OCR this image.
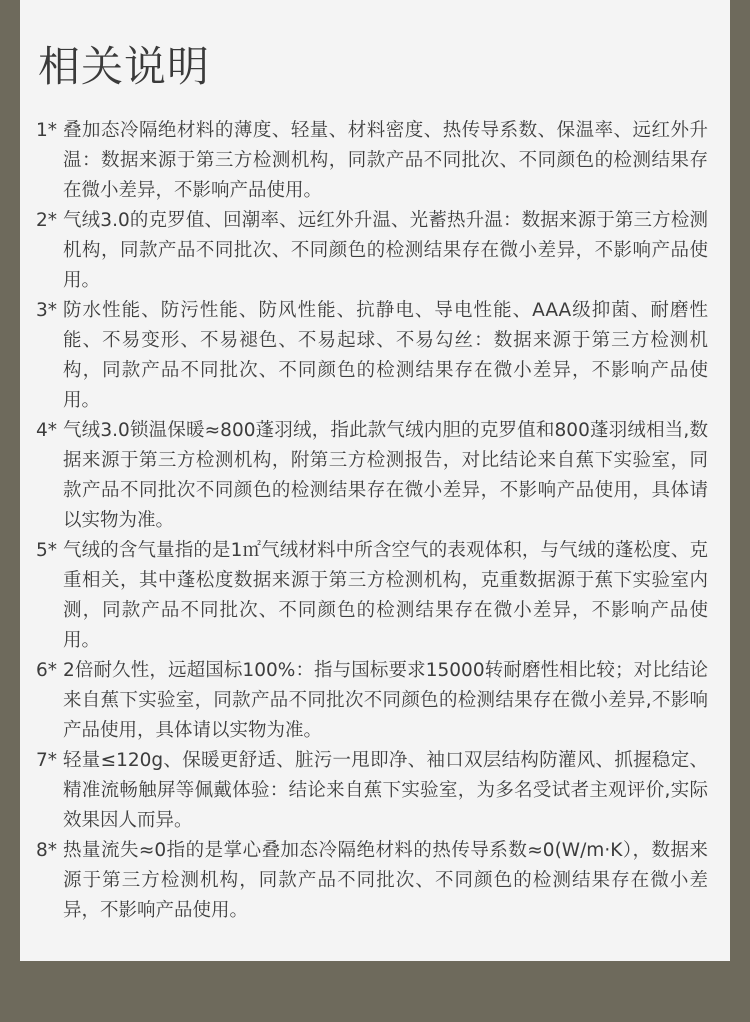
相关说明
1* 叠加态冷隔绝材料的薄度、轻量、材料密度、热传导系数、保温率、远红外升温：数据来源于第三方检测机构，同款产品不同批次、不同颜色的检测结果存在微小差异，不影响产品使用。
2* 气绒3.0的克罗值、回潮率、远红外升温、光蓄热升温：数据来源于第三方检测机构，同款产品不同批次、不同颜色的检测结果存在微小差异，不影响产品使用。
3* 防水性能、防污性能、防风性能、抗静电、导电性能、AAA级抑菌、耐磨性能、不易变形、不易褪色、不易起球、不易勾丝：数据来源于第三方检测机构，同款产品不同批次、不同颜色的检测结果存在微小差异，不影响产品使用。
4* 气绒3.0锁温保暖≈800蓬羽绒，指此款气绒内胆的克罗值和800蓬羽绒相当,数据来源于第三方检测机构，附第三方检测报告，对比结论来自蕉下实验室，同款产品不同批次不同颜色的检测结果存在微小差异，不影响产品使用，具体请以实物为准。
5* 气绒的含气量指的是1㎡气绒材料中所含空气的表观体积，与气绒的蓬松度、克重相关，其中蓬松度数据来源于第三方检测机构，克重数据源于蕉下实验室内测，同款产品不同批次、不同颜色的检测结果存在微小差异，不影响产品使用。
6* 2倍耐久性，远超国标100%：指与国标要求15000转耐磨性相比较；对比结论来自蕉下实验室，同款产品不同批次不同颜色的检测结果存在微小差异,不影响产品使用，具体请以实物为准。
7* 轻量≤120g、保暖更舒适、脏污一甩即净、袖口双层结构防灌风、抓握稳定、精准流畅触屏等佩戴体验：结论来自蕉下实验室，为多名受试者主观评价,实际效果因人而异。
8* 热量流失≈0指的是掌心叠加态冷隔绝材料的热传导系数≈0(W/m·K），数据来源于第三方检测机构，同款产品不同批次、不同颜色的检测结果存在微小差异，不影响产品使用。
